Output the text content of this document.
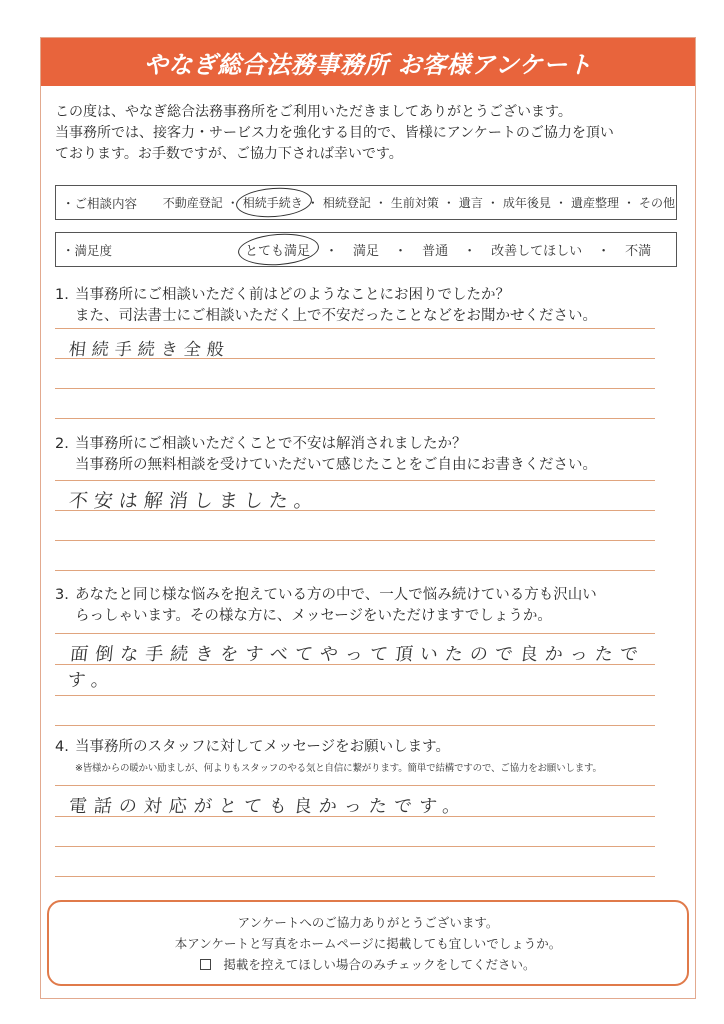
やなぎ総合法務事務所 お客様アンケート
この度は、やなぎ総合法務事務所をご利用いただきましてありがとうございます。
当事務所では、接客力・サービス力を強化する目的で、皆様にアンケートのご協力を頂い
ております。お手数ですが、ご協力下されば幸いです。
・ご相談内容	不動産登記 ・ 相続手続き ・ 相続登記 ・ 生前対策 ・ 遺言 ・ 成年後見 ・ 遺産整理 ・ その他
・満足度	とても満足	・	満足	・	普通	・	改善してほしい	・	不満
1. 当事務所にご相談いただく前はどのようなことにお困りでしたか？
また、司法書士にご相談いただく上で不安だったことなどをお聞かせください。
相続手続き全般
2. 当事務所にご相談いただくことで不安は解消されましたか？
当事務所の無料相談を受けていただいて感じたことをご自由にお書きください。
不安は解消しました。
3. あなたと同じ様な悩みを抱えている方の中で、一人で悩み続けている方も沢山い
らっしゃいます。その様な方に、メッセージをいただけますでしょうか。
面倒な手続きをすべてやって頂いたので良かったです。
4. 当事務所のスタッフに対してメッセージをお願いします。
※皆様からの暖かい励ましが、何よりもスタッフのやる気と自信に繋がります。簡単で結構ですので、ご協力をお願いします。
電話の対応がとても良かったです。
アンケートへのご協力ありがとうございます。
本アンケートと写真をホームページに掲載しても宜しいでしょうか。
掲載を控えてほしい場合のみチェックをしてください。
